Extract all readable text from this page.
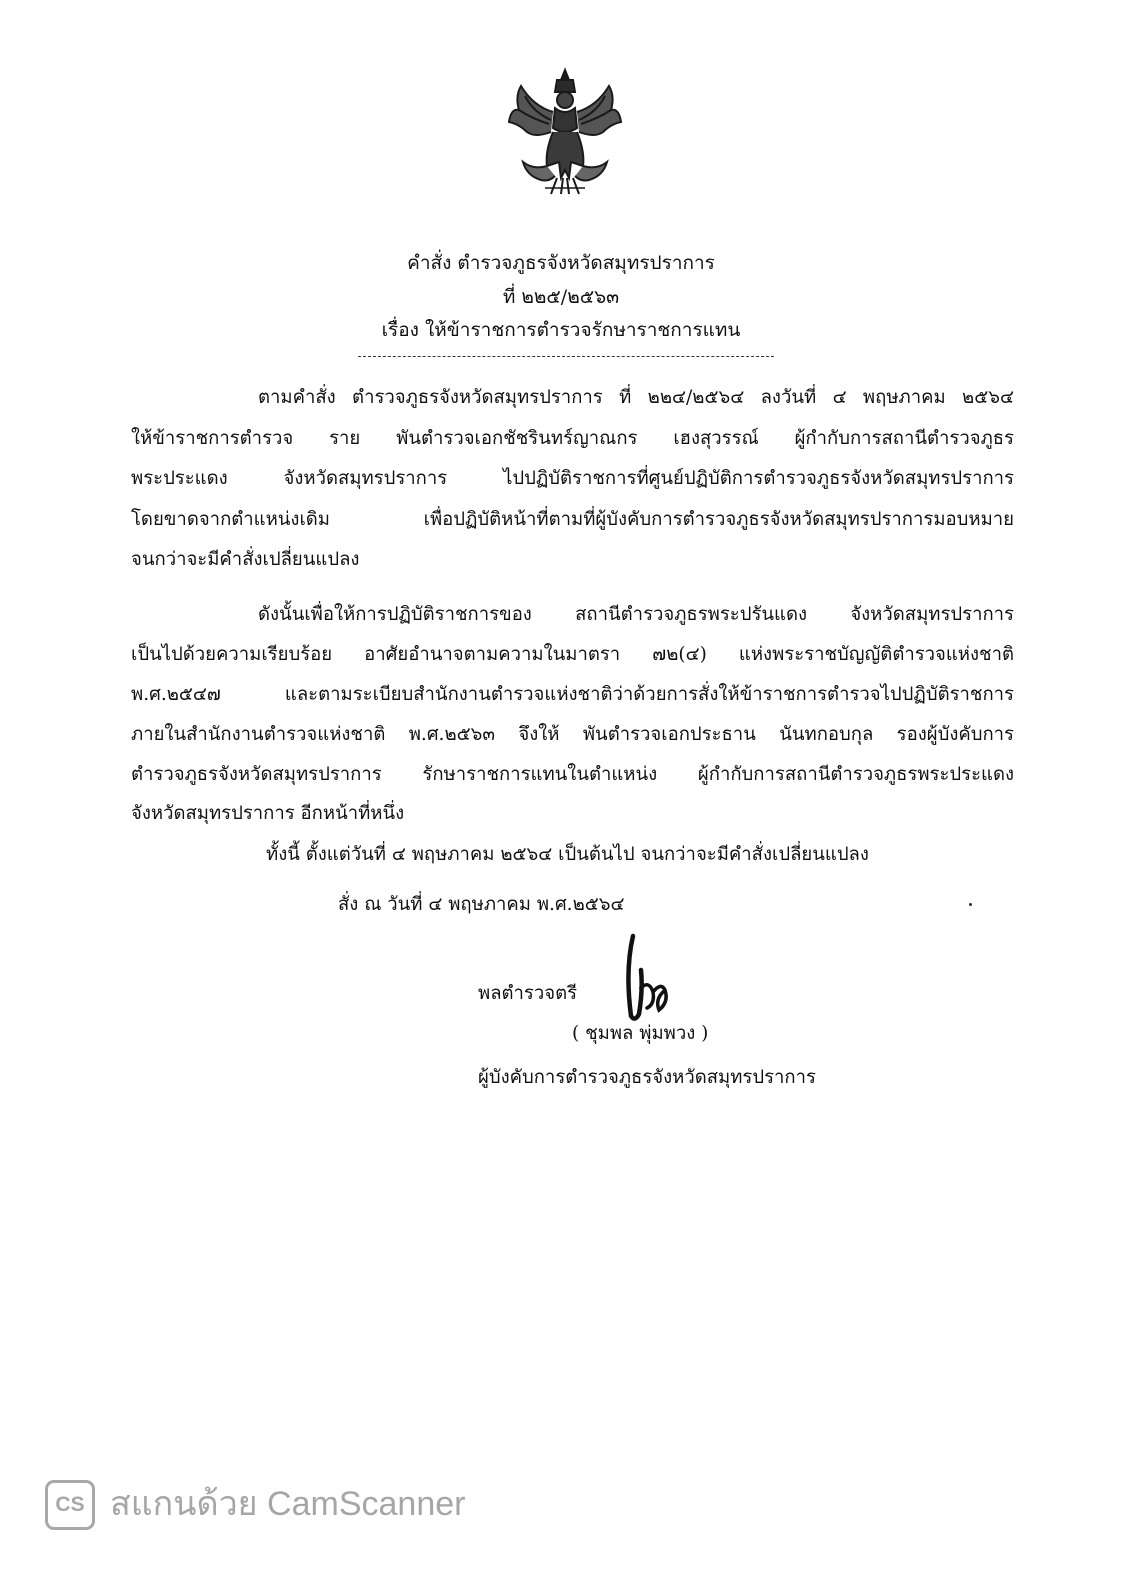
คำสั่ง ตำรวจภูธรจังหวัดสมุทรปราการ
ที่ ๒๒๕/๒๕๖๓
เรื่อง ให้ข้าราชการตำรวจรักษาราชการแทน
ตามคำสั่ง ตำรวจภูธรจังหวัดสมุทรปราการ ที่ ๒๒๔/๒๕๖๔ ลงวันที่ ๔ พฤษภาคม ๒๕๖๔
ให้ข้าราชการตำรวจ ราย พันตำรวจเอกชัชรินทร์ญาณกร เฮงสุวรรณ์ ผู้กำกับการสถานีตำรวจภูธร
พระประแดง จังหวัดสมุทรปราการ ไปปฏิบัติราชการที่ศูนย์ปฏิบัติการตำรวจภูธรจังหวัดสมุทรปราการ
โดยขาดจากตำแหน่งเดิม เพื่อปฏิบัติหน้าที่ตามที่ผู้บังคับการตำรวจภูธรจังหวัดสมุทรปราการมอบหมาย
จนกว่าจะมีคำสั่งเปลี่ยนแปลง
ดังนั้นเพื่อให้การปฏิบัติราชการของ สถานีตำรวจภูธรพระปรันแดง จังหวัดสมุทรปราการ
เป็นไปด้วยความเรียบร้อย อาศัยอำนาจตามความในมาตรา ๗๒(๔) แห่งพระราชบัญญัติตำรวจแห่งชาติ
พ.ศ.๒๕๔๗ และตามระเบียบสำนักงานตำรวจแห่งชาติว่าด้วยการสั่งให้ข้าราชการตำรวจไปปฏิบัติราชการ
ภายในสำนักงานตำรวจแห่งชาติ พ.ศ.๒๕๖๓ จึงให้ พันตำรวจเอกประธาน นันทกอบกุล รองผู้บังคับการ
ตำรวจภูธรจังหวัดสมุทรปราการ รักษาราชการแทนในตำแหน่ง ผู้กำกับการสถานีตำรวจภูธรพระประแดง
จังหวัดสมุทรปราการ อีกหน้าที่หนึ่ง
ทั้งนี้ ตั้งแต่วันที่ ๔ พฤษภาคม ๒๕๖๔ เป็นต้นไป จนกว่าจะมีคำสั่งเปลี่ยนแปลง
สั่ง ณ วันที่ ๔ พฤษภาคม พ.ศ.๒๕๖๔
พลตำรวจตรี
( ชุมพล พุ่มพวง )
ผู้บังคับการตำรวจภูธรจังหวัดสมุทรปราการ
CS สแกนด้วย CamScanner
